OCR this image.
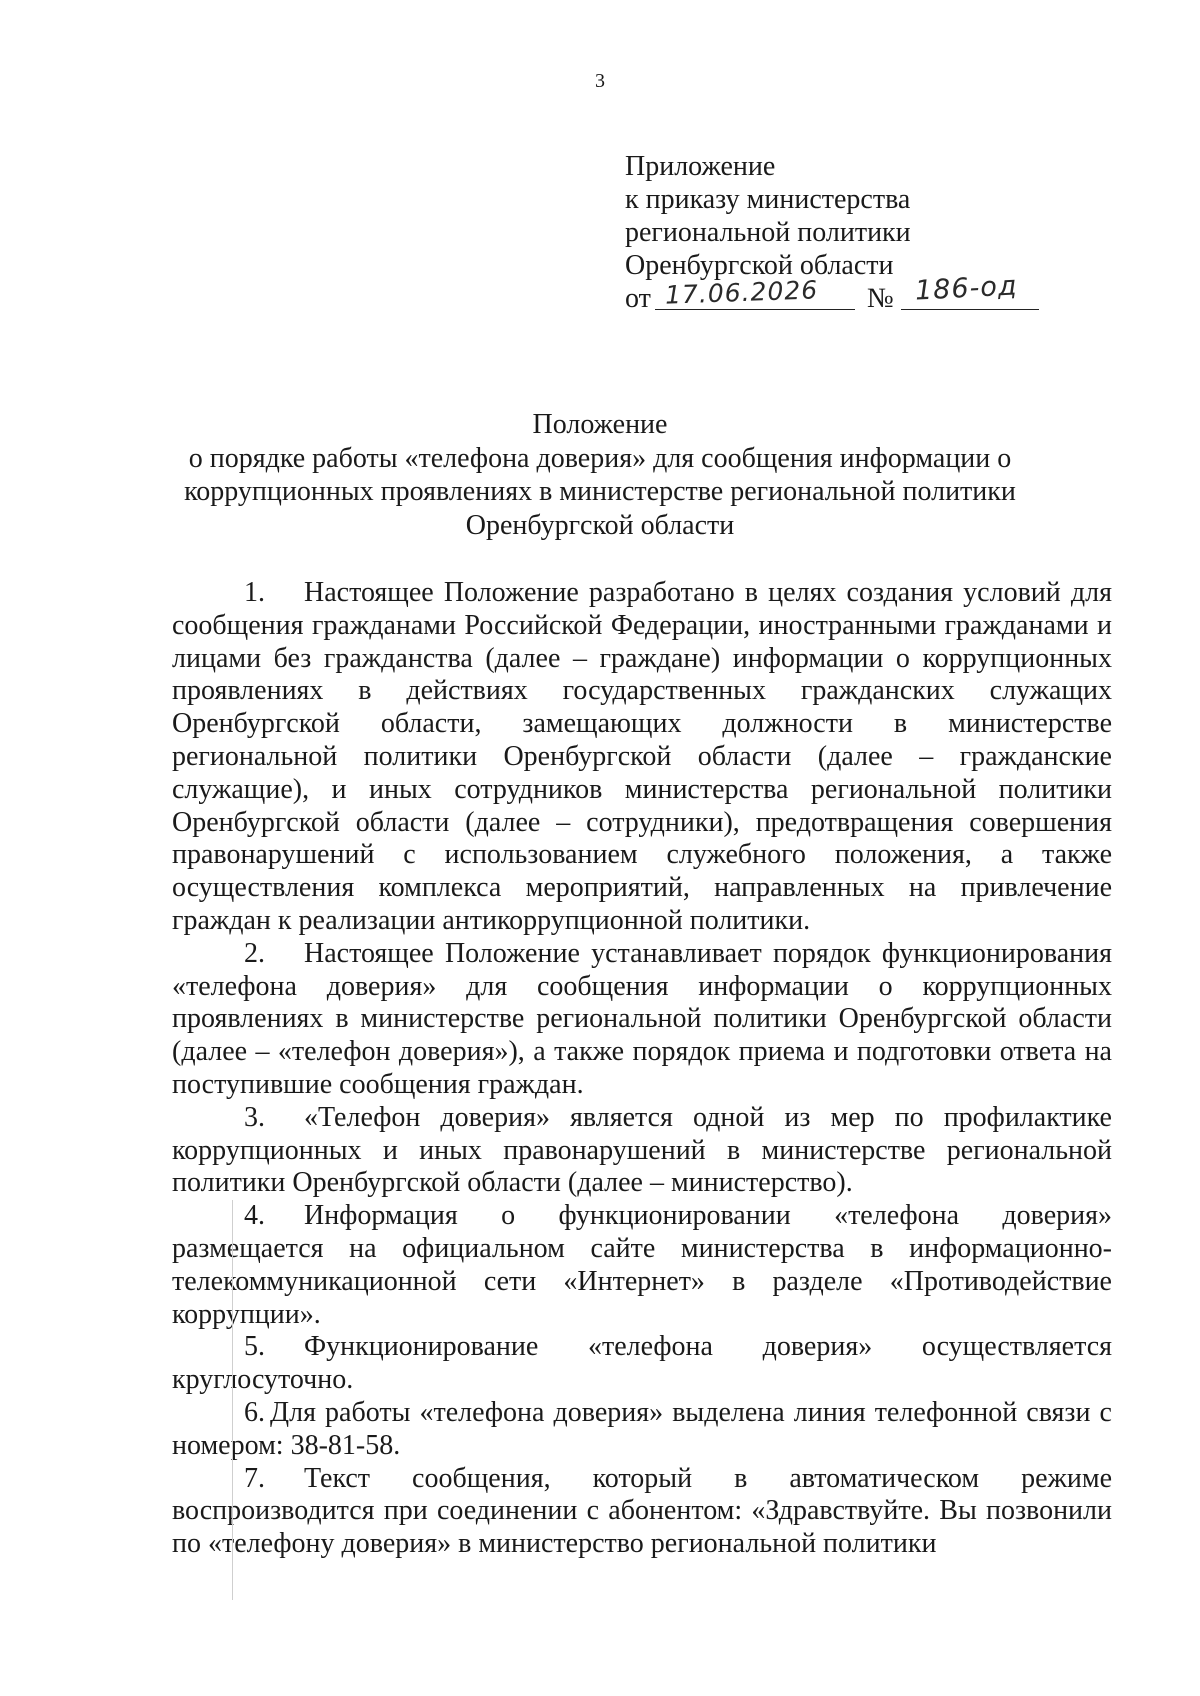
3
Приложение
к приказу министерства
региональной политики
Оренбургской области
от 17.06.2026 № 186-од
Положение
о порядке работы «телефона доверия» для сообщения информации о
коррупционных проявлениях в министерстве региональной политики
Оренбургской области

1. Настоящее Положение разработано в целях создания условий для сообщения гражданами Российской Федерации, иностранными гражданами и лицами без гражданства (далее – граждане) информации о коррупционных проявлениях в действиях государственных гражданских служащих Оренбургской области, замещающих должности в министерстве региональной политики Оренбургской области (далее – гражданские служащие), и иных сотрудников министерства региональной политики Оренбургской области (далее – сотрудники), предотвращения совершения правонарушений с использованием служебного положения, а также осуществления комплекса мероприятий, направленных на привлечение граждан к реализации антикоррупционной политики.

2. Настоящее Положение устанавливает порядок функционирования «телефона доверия» для сообщения информации о коррупционных проявлениях в министерстве региональной политики Оренбургской области (далее – «телефон доверия»), а также порядок приема и подготовки ответа на поступившие сообщения граждан.

3. «Телефон доверия» является одной из мер по профилактике коррупционных и иных правонарушений в министерстве региональной политики Оренбургской области (далее – министерство).

4. Информация о функционировании «телефона доверия» размещается на официальном сайте министерства в информационно-телекоммуникационной сети «Интернет» в разделе «Противодействие коррупции».

5. Функционирование «телефона доверия» осуществляется круглосуточно.

6. Для работы «телефона доверия» выделена линия телефонной связи с номером: 38-81-58.

7. Текст сообщения, который в автоматическом режиме воспроизводится при соединении с абонентом: «Здравствуйте. Вы позвонили по «телефону доверия» в министерство региональной политики
